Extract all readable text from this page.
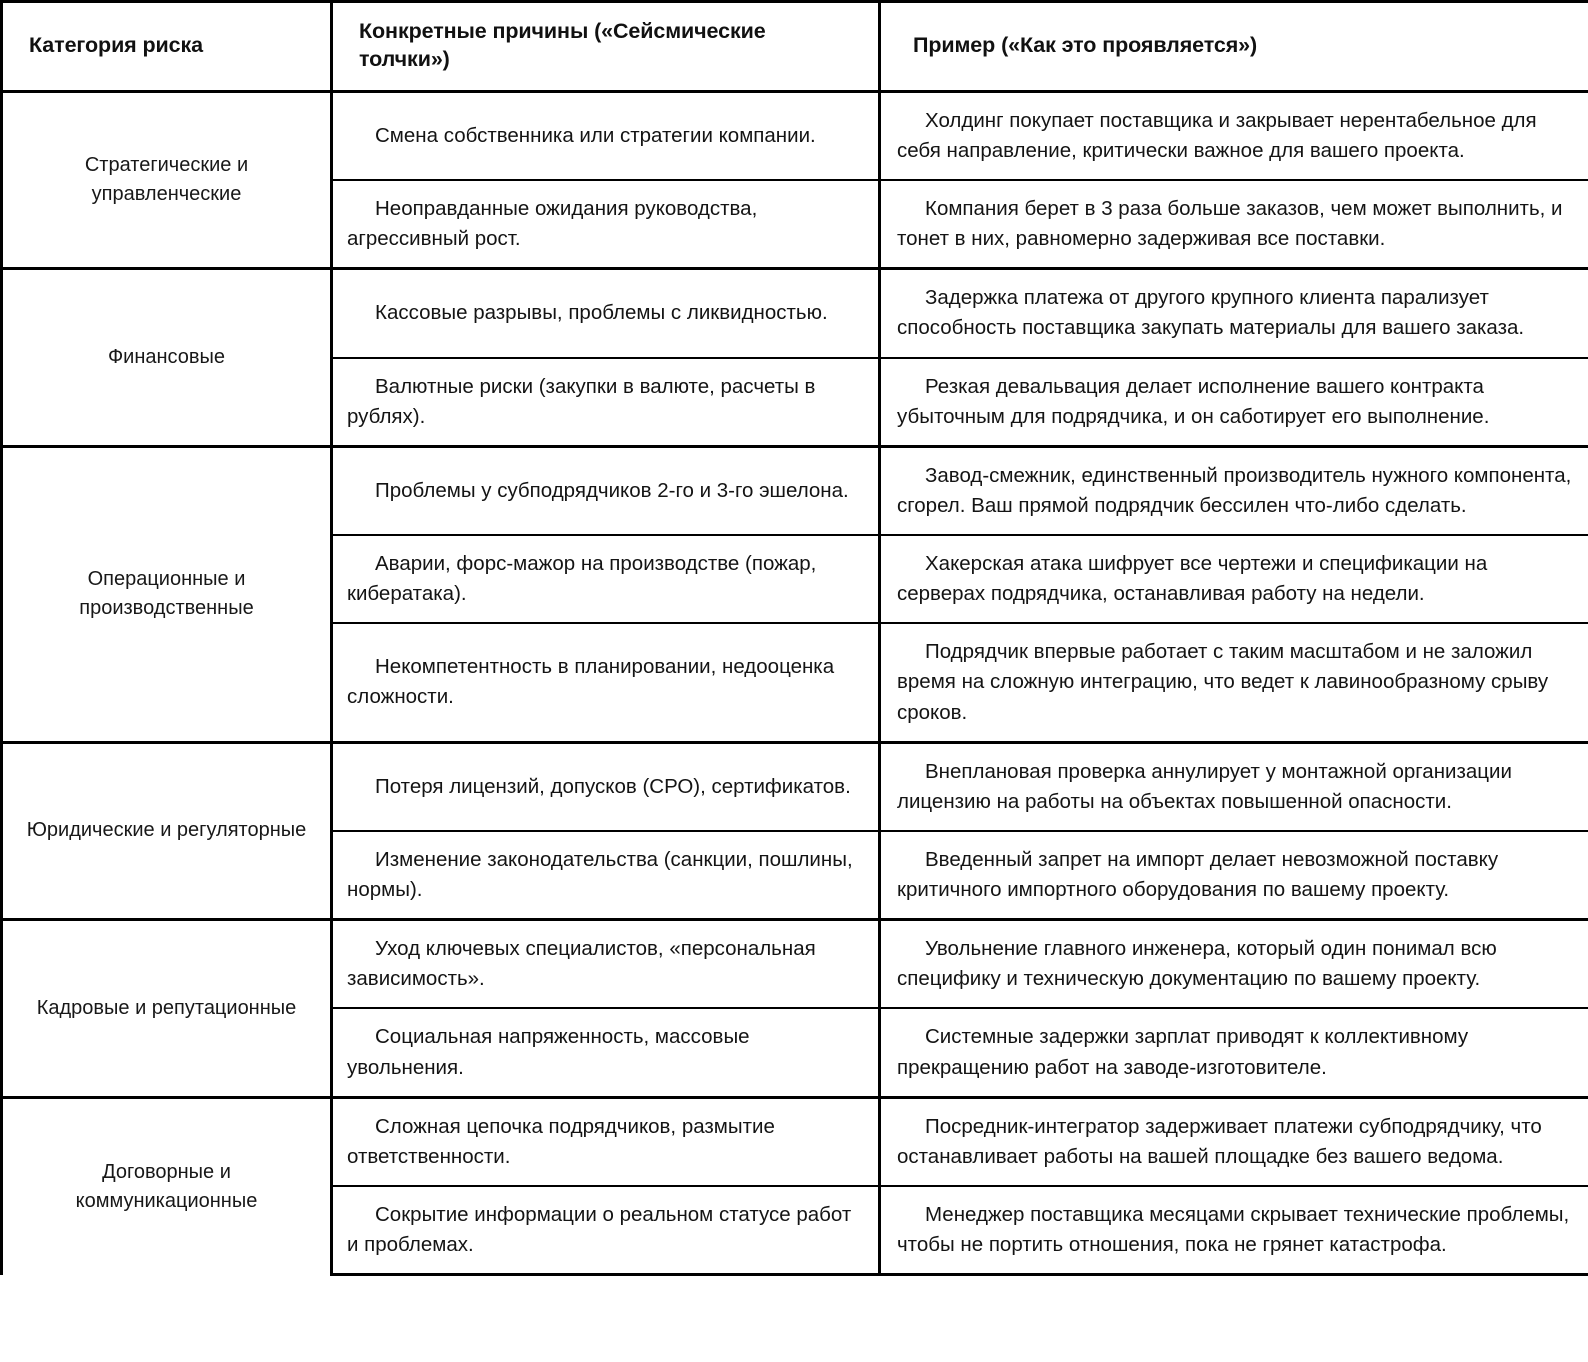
Категория риска	Конкретные причины («Сейсмические толчки»)	Пример («Как это проявляется»)
Стратегические и управленческие	Смена собственника или стратегии компании.	Холдинг покупает поставщика и закрывает нерентабельное для себя направление, критически важное для вашего проекта.
	Неоправданные ожидания руководства, агрессивный рост.	Компания берет в 3 раза больше заказов, чем может выполнить, и тонет в них, равномерно задерживая все поставки.
Финансовые	Кассовые разрывы, проблемы с ликвидностью.	Задержка платежа от другого крупного клиента парализует способность поставщика закупать материалы для вашего заказа.
	Валютные риски (закупки в валюте, расчеты в рублях).	Резкая девальвация делает исполнение вашего контракта убыточным для подрядчика, и он саботирует его выполнение.
Операционные и производственные	Проблемы у субподрядчиков 2-го и 3-го эшелона.	Завод-смежник, единственный производитель нужного компонента, сгорел. Ваш прямой подрядчик бессилен что-либо сделать.
	Аварии, форс-мажор на производстве (пожар, кибератака).	Хакерская атака шифрует все чертежи и спецификации на серверах подрядчика, останавливая работу на недели.
	Некомпетентность в планировании, недооценка сложности.	Подрядчик впервые работает с таким масштабом и не заложил время на сложную интеграцию, что ведет к лавинообразному срыву сроков.
Юридические и регуляторные	Потеря лицензий, допусков (СРО), сертификатов.	Внеплановая проверка аннулирует у монтажной организации лицензию на работы на объектах повышенной опасности.
	Изменение законодательства (санкции, пошлины, нормы).	Введенный запрет на импорт делает невозможной поставку критичного импортного оборудования по вашему проекту.
Кадровые и репутационные	Уход ключевых специалистов, «персональная зависимость».	Увольнение главного инженера, который один понимал всю специфику и техническую документацию по вашему проекту.
	Социальная напряженность, массовые увольнения.	Системные задержки зарплат приводят к коллективному прекращению работ на заводе-изготовителе.
Договорные и коммуникационные	Сложная цепочка подрядчиков, размытие ответственности.	Посредник-интегратор задерживает платежи субподрядчику, что останавливает работы на вашей площадке без вашего ведома.
	Сокрытие информации о реальном статусе работ и проблемах.	Менеджер поставщика месяцами скрывает технические проблемы, чтобы не портить отношения, пока не грянет катастрофа.
